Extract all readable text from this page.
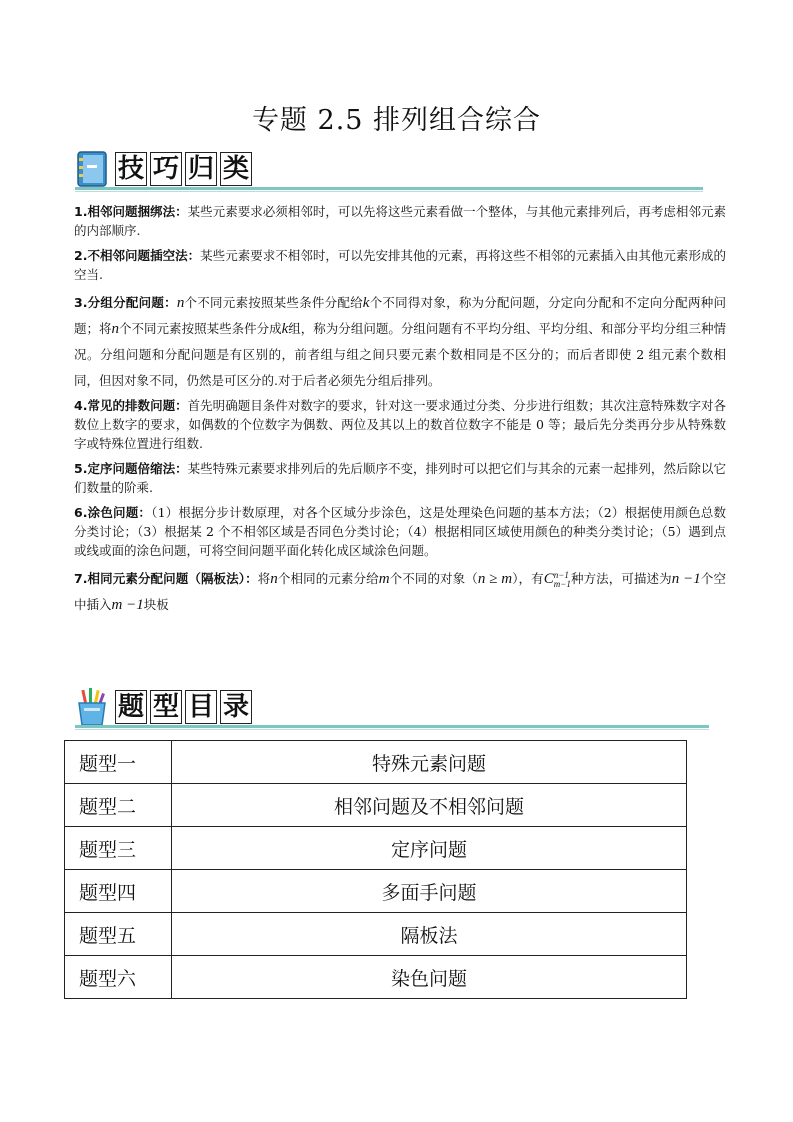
专题 2.5 排列组合综合
技 巧 归 类

1.相邻问题捆绑法：某些元素要求必须相邻时，可以先将这些元素看做一个整体，与其他元素排列后，再考虑相邻元素的内部顺序.

2.不相邻问题插空法：某些元素要求不相邻时，可以先安排其他的元素，再将这些不相邻的元素插入由其他元素形成的空当.

3.分组分配问题：n个不同元素按照某些条件分配给k个不同得对象，称为分配问题，分定向分配和不定向分配两种问题；将n个不同元素按照某些条件分成k组，称为分组问题。分组问题有不平均分组、平均分组、和部分平均分组三种情况。分组问题和分配问题是有区别的，前者组与组之间只要元素个数相同是不区分的；而后者即使 2 组元素个数相同，但因对象不同，仍然是可区分的.对于后者必须先分组后排列。

4.常见的排数问题：首先明确题目条件对数字的要求，针对这一要求通过分类、分步进行组数；其次注意特殊数字对各数位上数字的要求，如偶数的个位数字为偶数、两位及其以上的数首位数字不能是 0 等；最后先分类再分步从特殊数字或特殊位置进行组数.

5.定序问题倍缩法：某些特殊元素要求排列后的先后顺序不变，排列时可以把它们与其余的元素一起排列，然后除以它们数量的阶乘.

6.涂色问题：（1）根据分步计数原理，对各个区域分步涂色，这是处理染色问题的基本方法；（2）根据使用颜色总数分类讨论；（3）根据某 2 个不相邻区域是否同色分类讨论；（4）根据相同区域使用颜色的种类分类讨论；（5）遇到点或线或面的涂色问题，可将空间问题平面化转化成区域涂色问题。

7.相同元素分配问题（隔板法）：将n个相同的元素分给m个不同的对象（n ≥ m），有C n−1
m−1 种方法，可描述为n −1个空中插入m −1块板

题 型 目 录
题型一	特殊元素问题
题型二	相邻问题及不相邻问题
题型三	定序问题
题型四	多面手问题
题型五	隔板法
题型六	染色问题
